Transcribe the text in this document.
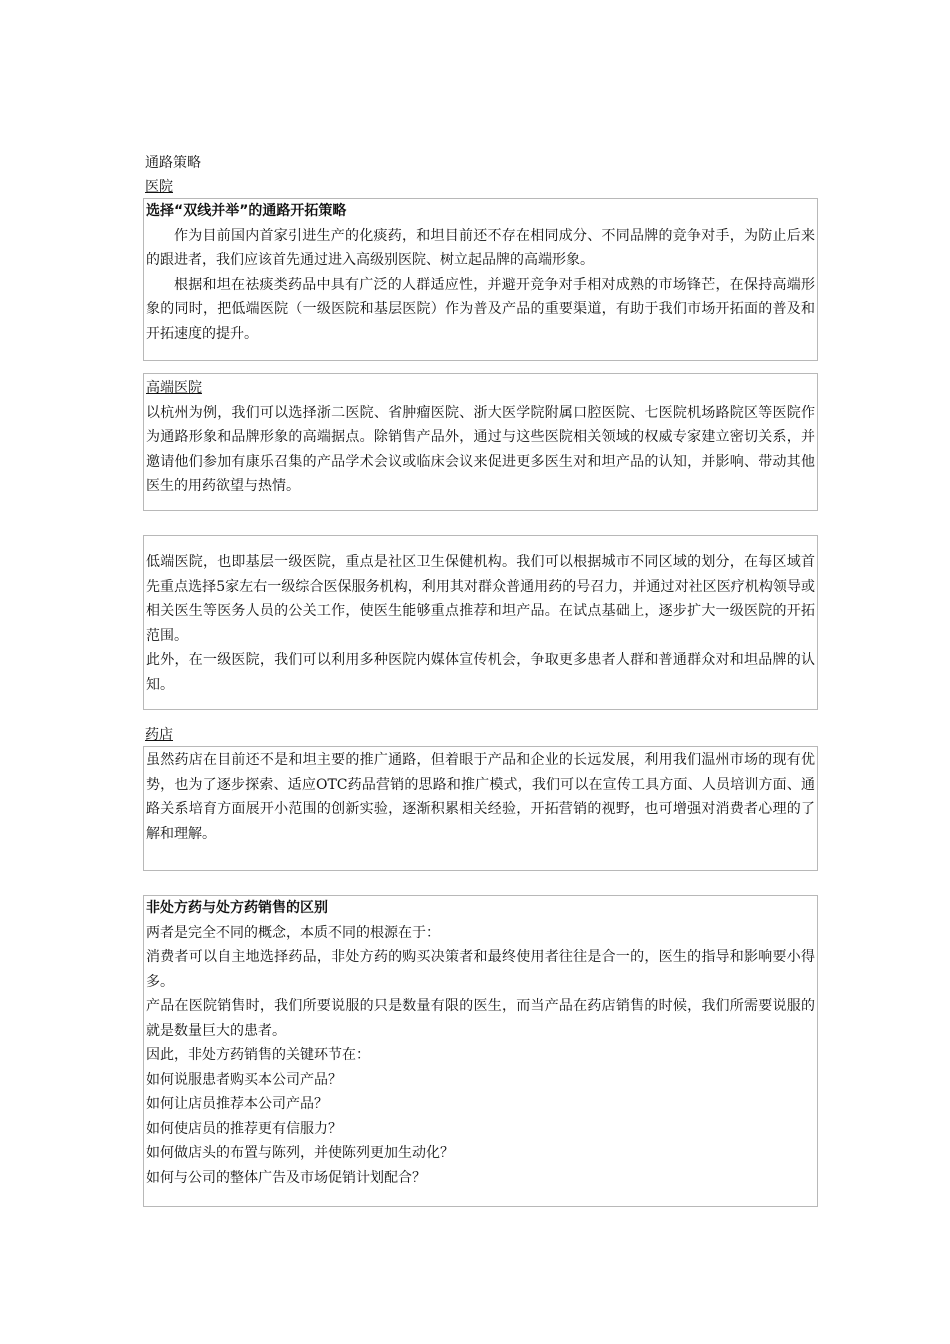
通路策略
医院

选择“双线并举”的通路开拓策略

作为目前国内首家引进生产的化痰药，和坦目前还不存在相同成分、不同品牌的竞争对手，为防止后来的跟进者，我们应该首先通过进入高级别医院、树立起品牌的高端形象。

根据和坦在祛痰类药品中具有广泛的人群适应性，并避开竞争对手相对成熟的市场锋芒，在保持高端形象的同时，把低端医院（一级医院和基层医院）作为普及产品的重要渠道，有助于我们市场开拓面的普及和开拓速度的提升。

高端医院

以杭州为例，我们可以选择浙二医院、省肿瘤医院、浙大医学院附属口腔医院、七医院机场路院区等医院作为通路形象和品牌形象的高端据点。除销售产品外，通过与这些医院相关领域的权威专家建立密切关系，并邀请他们参加有康乐召集的产品学术会议或临床会议来促进更多医生对和坦产品的认知，并影响、带动其他医生的用药欲望与热情。

低端医院，也即基层一级医院，重点是社区卫生保健机构。我们可以根据城市不同区域的划分，在每区域首先重点选择5家左右一级综合医保服务机构，利用其对群众普通用药的号召力，并通过对社区医疗机构领导或相关医生等医务人员的公关工作，使医生能够重点推荐和坦产品。在试点基础上，逐步扩大一级医院的开拓范围。

此外，在一级医院，我们可以利用多种医院内媒体宣传机会，争取更多患者人群和普通群众对和坦品牌的认知。

药店

虽然药店在目前还不是和坦主要的推广通路，但着眼于产品和企业的长远发展，利用我们温州市场的现有优势，也为了逐步探索、适应OTC药品营销的思路和推广模式，我们可以在宣传工具方面、人员培训方面、通路关系培育方面展开小范围的创新实验，逐渐积累相关经验，开拓营销的视野，也可增强对消费者心理的了解和理解。

非处方药与处方药销售的区别

两者是完全不同的概念，本质不同的根源在于：

消费者可以自主地选择药品，非处方药的购买决策者和最终使用者往往是合一的，医生的指导和影响要小得多。

产品在医院销售时，我们所要说服的只是数量有限的医生，而当产品在药店销售的时候，我们所需要说服的就是数量巨大的患者。

因此，非处方药销售的关键环节在：

如何说服患者购买本公司产品？

如何让店员推荐本公司产品？

如何使店员的推荐更有信服力？

如何做店头的布置与陈列，并使陈列更加生动化？

如何与公司的整体广告及市场促销计划配合？
